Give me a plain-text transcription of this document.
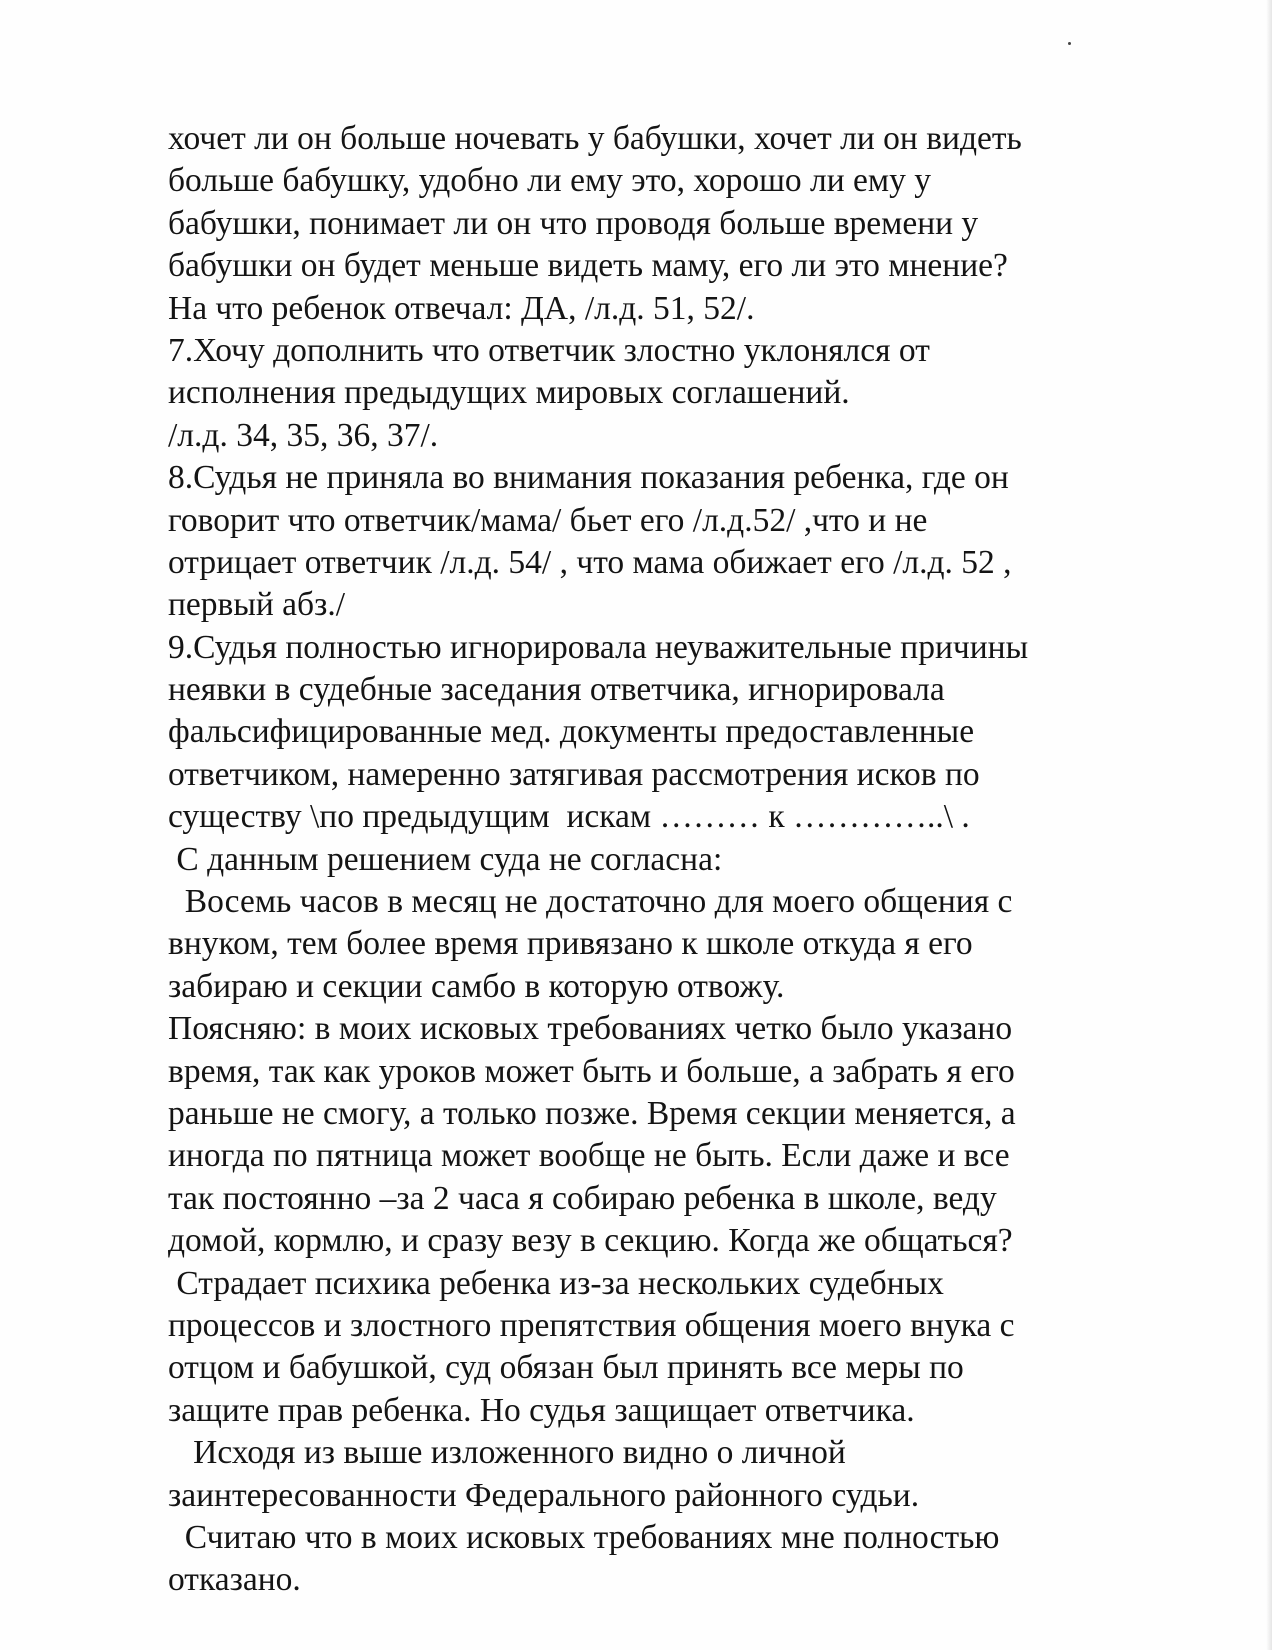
хочет ли он больше ночевать у бабушки, хочет ли он видеть
больше бабушку, удобно ли ему это, хорошо ли ему у
бабушки, понимает ли он что проводя больше времени у
бабушки он будет меньше видеть маму, его ли это мнение?
На что ребенок отвечал: ДА, /л.д. 51, 52/.
7.Хочу дополнить что ответчик злостно уклонялся от
исполнения предыдущих мировых соглашений.
/л.д. 34, 35, 36, 37/.
8.Судья не приняла во внимания показания ребенка, где он
говорит что ответчик/мама/ бьет его /л.д.52/ ,что и не
отрицает ответчик /л.д. 54/ , что мама обижает его /л.д. 52 ,
первый абз./
9.Судья полностью игнорировала неуважительные причины
неявки в судебные заседания ответчика, игнорировала
фальсифицированные мед. документы предоставленные
ответчиком, намеренно затягивая рассмотрения исков по
существу \по предыдущим  искам ……… к …………..\ .
С данным решением суда не согласна:
Восемь часов в месяц не достаточно для моего общения с
внуком, тем более время привязано к школе откуда я его
забираю и секции самбо в которую отвожу.
Поясняю: в моих исковых требованиях четко было указано
время, так как уроков может быть и больше, а забрать я его
раньше не смогу, а только позже. Время секции меняется, а
иногда по пятница может вообще не быть. Если даже и все
так постоянно –за 2 часа я собираю ребенка в школе, веду
домой, кормлю, и сразу везу в секцию. Когда же общаться?
Страдает психика ребенка из-за нескольких судебных
процессов и злостного препятствия общения моего внука с
отцом и бабушкой, суд обязан был принять все меры по
защите прав ребенка. Но судья защищает ответчика.
Исходя из выше изложенного видно о личной
заинтересованности Федерального районного судьи.
Считаю что в моих исковых требованиях мне полностью
отказано.
